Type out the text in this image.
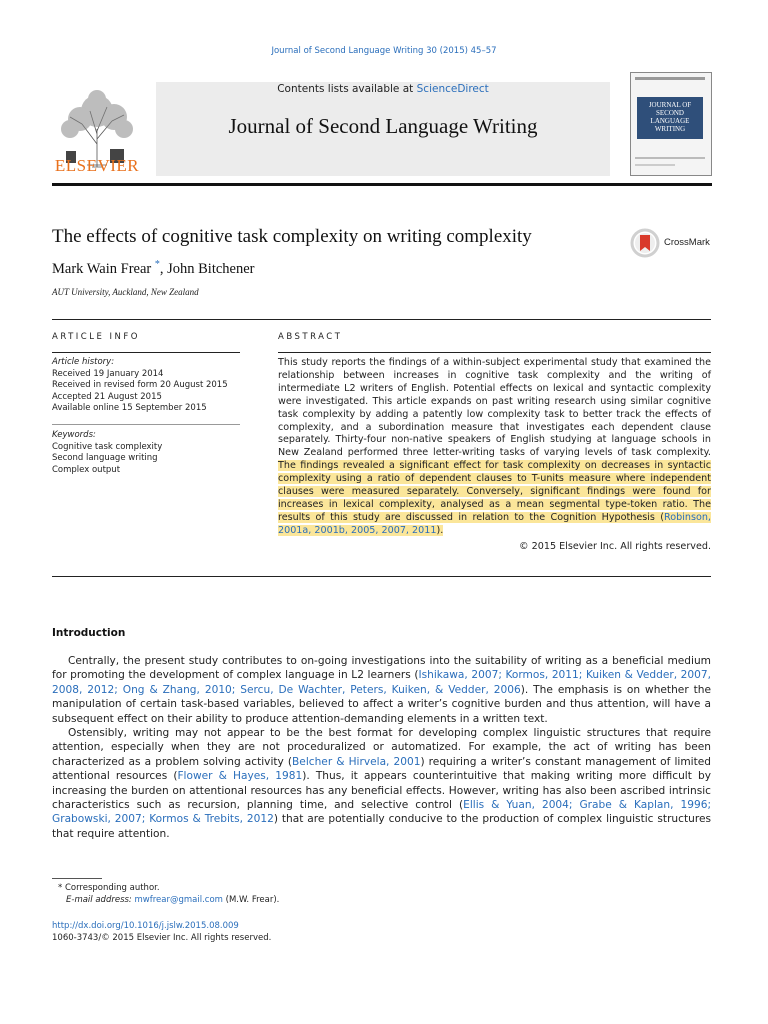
Journal of Second Language Writing 30 (2015) 45–57
ELSEVIER
Contents lists available at ScienceDirect
Journal of Second Language Writing
JOURNAL OF SECOND LANGUAGE WRITING
The effects of cognitive task complexity on writing complexity	CrossMark
Mark Wain Frear *, John Bitchener
AUT University, Auckland, New Zealand
ARTICLE INFO	ABSTRACT
Article history:
Received 19 January 2014
Received in revised form 20 August 2015
Accepted 21 August 2015
Available online 15 September 2015
Keywords:
Cognitive task complexity
Second language writing
Complex output
This study reports the findings of a within-subject experimental study that examined the relationship between increases in cognitive task complexity and the writing of intermediate L2 writers of English. Potential effects on lexical and syntactic complexity were investigated. This article expands on past writing research using similar cognitive task complexity by adding a patently low complexity task to better track the effects of complexity, and a subordination measure that investigates each dependent clause separately. Thirty-four non-native speakers of English studying at language schools in New Zealand performed three letter-writing tasks of varying levels of task complexity. The findings revealed a significant effect for task complexity on decreases in syntactic complexity using a ratio of dependent clauses to T-units measure where independent clauses were measured separately. Conversely, significant findings were found for increases in lexical complexity, analysed as a mean segmental type-token ratio. The results of this study are discussed in relation to the Cognition Hypothesis (Robinson, 2001a, 2001b, 2005, 2007, 2011).
© 2015 Elsevier Inc. All rights reserved.
Introduction

Centrally, the present study contributes to on-going investigations into the suitability of writing as a beneficial medium for promoting the development of complex language in L2 learners (Ishikawa, 2007; Kormos, 2011; Kuiken & Vedder, 2007, 2008, 2012; Ong & Zhang, 2010; Sercu, De Wachter, Peters, Kuiken, & Vedder, 2006). The emphasis is on whether the manipulation of certain task-based variables, believed to affect a writer’s cognitive burden and thus attention, will have a subsequent effect on their ability to produce attention-demanding elements in a written text.

Ostensibly, writing may not appear to be the best format for developing complex linguistic structures that require attention, especially when they are not proceduralized or automatized. For example, the act of writing has been characterized as a problem solving activity (Belcher & Hirvela, 2001) requiring a writer’s constant management of limited attentional resources (Flower & Hayes, 1981). Thus, it appears counterintuitive that making writing more difficult by increasing the burden on attentional resources has any beneficial effects. However, writing has also been ascribed intrinsic characteristics such as recursion, planning time, and selective control (Ellis & Yuan, 2004; Grabe & Kaplan, 1996; Grabowski, 2007; Kormos & Trebits, 2012) that are potentially conducive to the production of complex linguistic structures that require attention.

* Corresponding author.
E-mail address: mwfrear@gmail.com (M.W. Frear).
http://dx.doi.org/10.1016/j.jslw.2015.08.009
1060-3743/© 2015 Elsevier Inc. All rights reserved.
